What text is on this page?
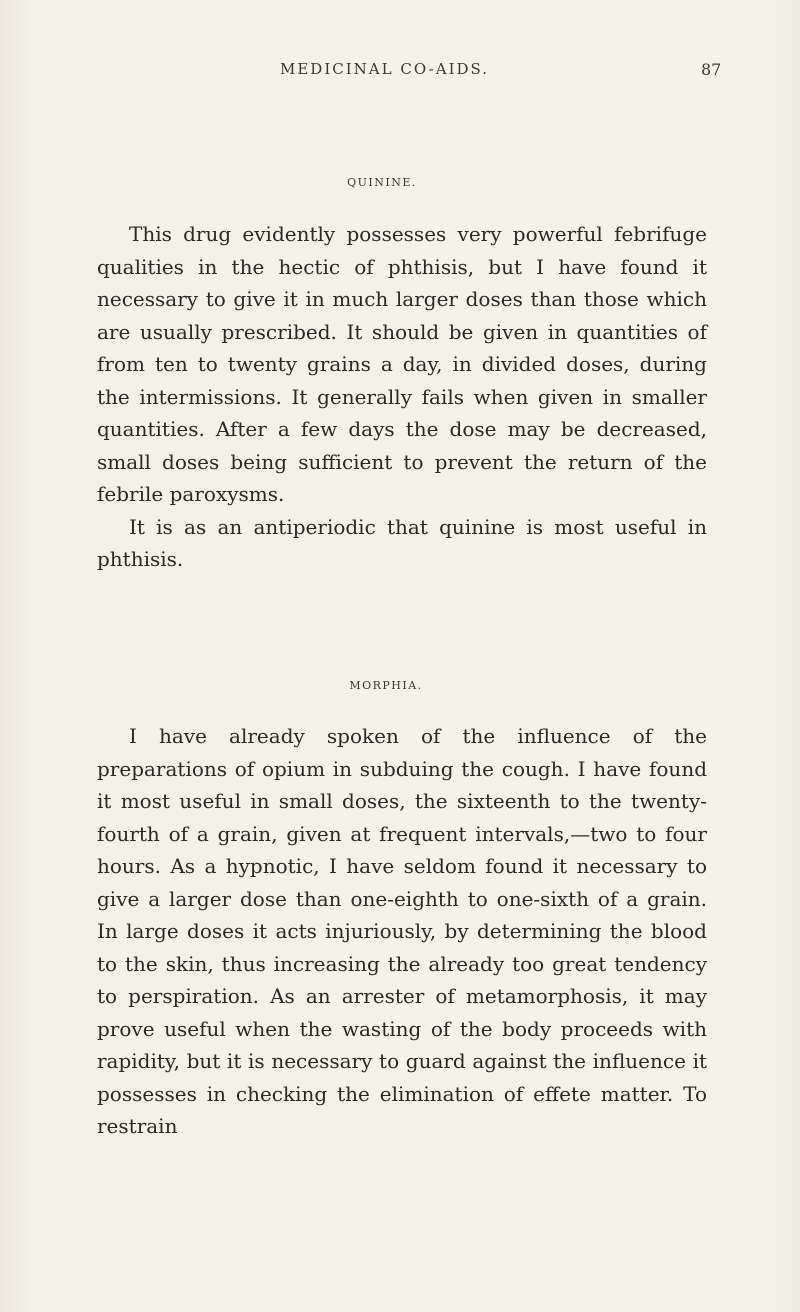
MEDICINAL CO-AIDS.	87
QUININE.

This drug evidently possesses very powerful febrifuge qualities in the hectic of phthisis, but I have found it necessary to give it in much larger doses than those which are usually prescribed. It should be given in quantities of from ten to twenty grains a day, in divided doses, during the intermissions. It generally fails when given in smaller quantities. After a few days the dose may be decreased, small doses being sufficient to prevent the return of the febrile paroxysms.

It is as an antiperiodic that quinine is most useful in phthisis.

MORPHIA.

I have already spoken of the influence of the preparations of opium in subduing the cough. I have found it most useful in small doses, the sixteenth to the twenty-fourth of a grain, given at frequent intervals,—two to four hours. As a hypnotic, I have seldom found it necessary to give a larger dose than one-eighth to one-sixth of a grain. In large doses it acts injuriously, by determining the blood to the skin, thus increasing the already too great tendency to perspiration. As an arrester of metamorphosis, it may prove useful when the wasting of the body proceeds with rapidity, but it is necessary to guard against the influence it possesses in checking the elimination of effete matter. To restrain
